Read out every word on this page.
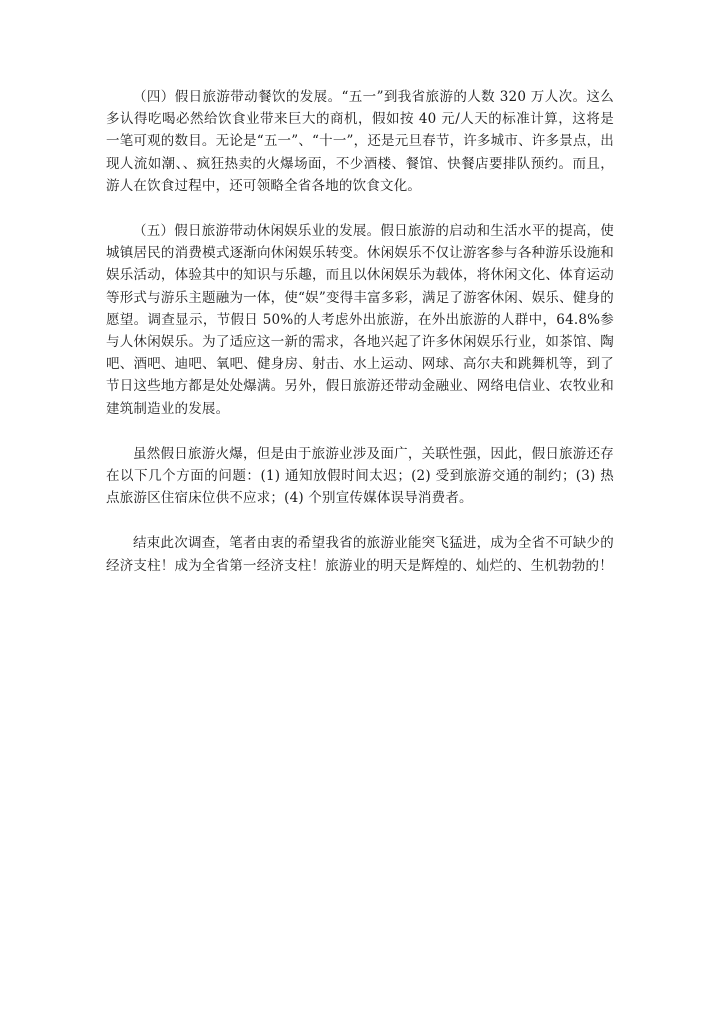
（四）假日旅游带动餐饮的发展。“五一”到我省旅游的人数 320 万人次。这么多认得吃喝必然给饮食业带来巨大的商机，假如按 40 元/人天的标准计算，这将是一笔可观的数目。无论是“五一”、“十一”，还是元旦春节，许多城市、许多景点，出现人流如潮、、疯狂热卖的火爆场面，不少酒楼、餐馆、快餐店要排队预约。而且，游人在饮食过程中，还可领略全省各地的饮食文化。

（五）假日旅游带动休闲娱乐业的发展。假日旅游的启动和生活水平的提高，使城镇居民的消费模式逐渐向休闲娱乐转变。休闲娱乐不仅让游客参与各种游乐设施和娱乐活动，体验其中的知识与乐趣，而且以休闲娱乐为载体，将休闲文化、体育运动等形式与游乐主题融为一体，使“娱”变得丰富多彩，满足了游客休闲、娱乐、健身的愿望。调查显示，节假日 50%的人考虑外出旅游，在外出旅游的人群中，64.8%参与人休闲娱乐。为了适应这一新的需求，各地兴起了许多休闲娱乐行业，如茶馆、陶吧、酒吧、迪吧、氧吧、健身房、射击、水上运动、网球、高尔夫和跳舞机等，到了节日这些地方都是处处爆满。另外，假日旅游还带动金融业、网络电信业、农牧业和建筑制造业的发展。

虽然假日旅游火爆，但是由于旅游业涉及面广，关联性强，因此，假日旅游还存在以下几个方面的问题：(1) 通知放假时间太迟；(2) 受到旅游交通的制约；(3) 热点旅游区住宿床位供不应求；(4) 个别宣传媒体误导消费者。

结束此次调查，笔者由衷的希望我省的旅游业能突飞猛进，成为全省不可缺少的经济支柱！成为全省第一经济支柱！旅游业的明天是辉煌的、灿烂的、生机勃勃的！
